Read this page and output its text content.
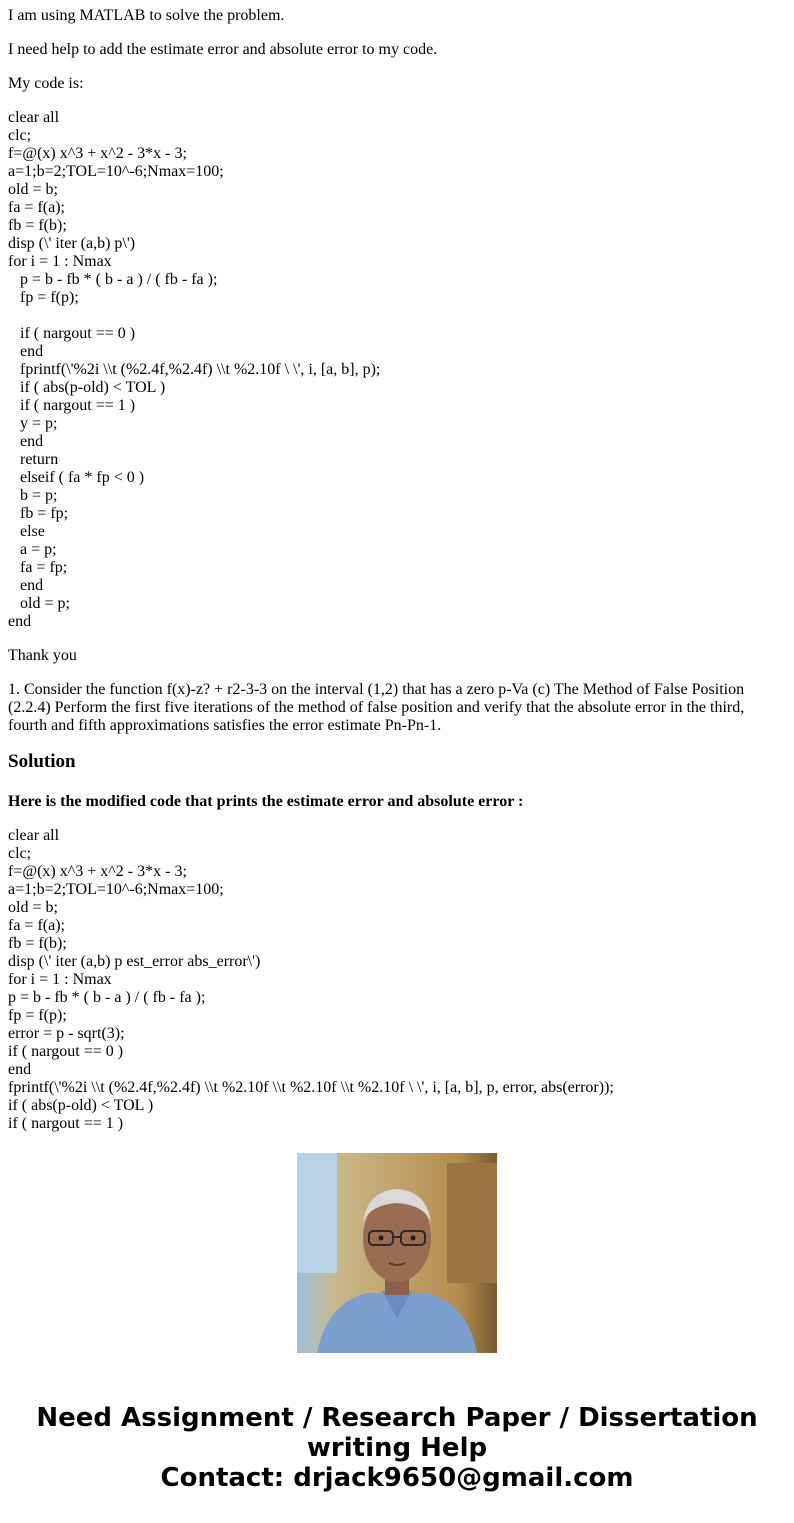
I am using MATLAB to solve the problem.

I need help to add the estimate error and absolute error to my code.

My code is:

clear all
clc;
f=@(x) x^3 + x^2 - 3*x - 3;
a=1;b=2;TOL=10^-6;Nmax=100;
old = b;
fa = f(a);
fb = f(b);
disp (\' iter (a,b) p\')
for i = 1 : Nmax
p = b - fb * ( b - a ) / ( fb - fa );
fp = f(p);
if ( nargout == 0 )
end
fprintf(\'%2i \\t (%2.4f,%2.4f) \\t %2.10f \ \', i, [a, b], p);
if ( abs(p-old) < TOL )
if ( nargout == 1 )
y = p;
end
return
elseif ( fa * fp < 0 )
b = p;
fb = fp;
else
a = p;
fa = fp;
end
old = p;
end

Thank you

1. Consider the function f(x)-z? + r2-3-3 on the interval (1,2) that has a zero p-Va (c) The Method of False Position (2.2.4) Perform the first five iterations of the method of false position and verify that the absolute error in the third, fourth and fifth approximations satisfies the error estimate Pn-Pn-1.

Solution

Here is the modified code that prints the estimate error and absolute error :

clear all
clc;
f=@(x) x^3 + x^2 - 3*x - 3;
a=1;b=2;TOL=10^-6;Nmax=100;
old = b;
fa = f(a);
fb = f(b);
disp (\' iter (a,b) p est_error abs_error\')
for i = 1 : Nmax
p = b - fb * ( b - a ) / ( fb - fa );
fp = f(p);
error = p - sqrt(3);
if ( nargout == 0 )
end
fprintf(\'%2i \\t (%2.4f,%2.4f) \\t %2.10f \\t %2.10f \\t %2.10f \ \', i, [a, b], p, error, abs(error));
if ( abs(p-old) < TOL )
if ( nargout == 1 )
Need Assignment / Research Paper / Dissertation
writing Help
Contact: drjack9650@gmail.com
